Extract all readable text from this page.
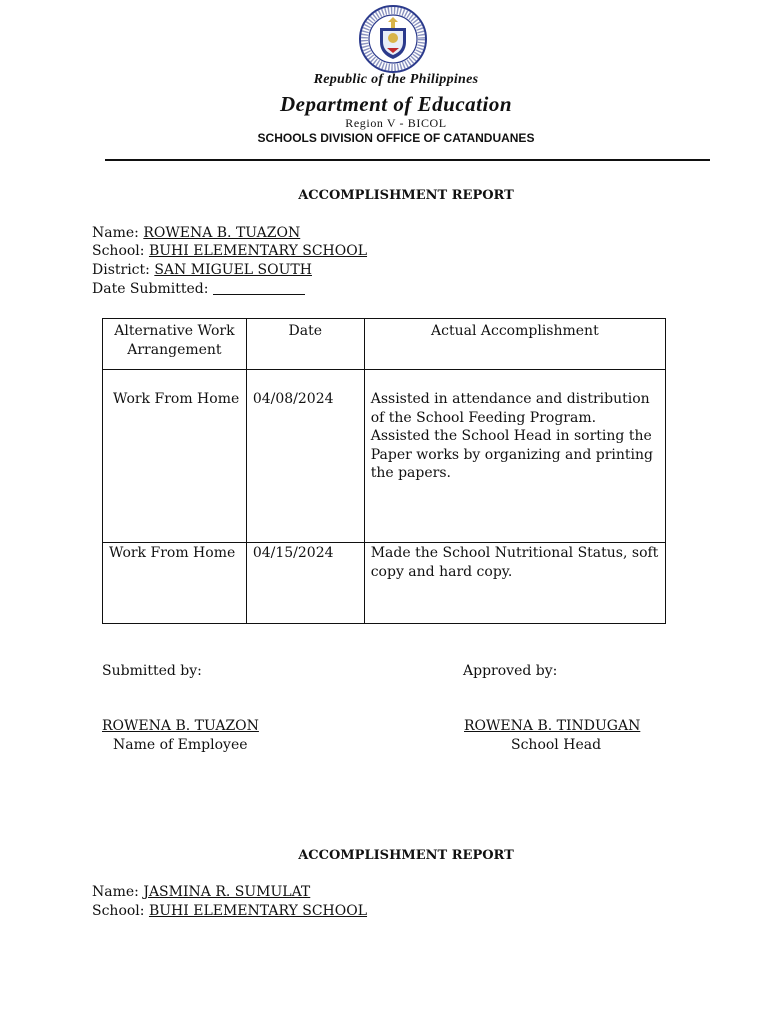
Republic of the Philippines
Department of Education
Region V - BICOL
SCHOOLS DIVISION OFFICE OF CATANDUANES
ACCOMPLISHMENT REPORT
Name: ROWENA B. TUAZON
School: BUHI ELEMENTARY SCHOOL
District: SAN MIGUEL SOUTH
Date Submitted:
Alternative Work Arrangement	Date	Actual Accomplishment

Work From Home	04/08/2024	Assisted in attendance and distribution of the School Feeding Program. Assisted the School Head in sorting the Paper works by organizing and printing the papers.

Work From Home	04/15/2024	Made the School Nutritional Status, soft copy and hard copy.
Submitted by:	Approved by:
ROWENA B. TUAZON
Name of Employee
ROWENA B. TINDUGAN
School Head
ACCOMPLISHMENT REPORT
Name: JASMINA R. SUMULAT
School: BUHI ELEMENTARY SCHOOL
